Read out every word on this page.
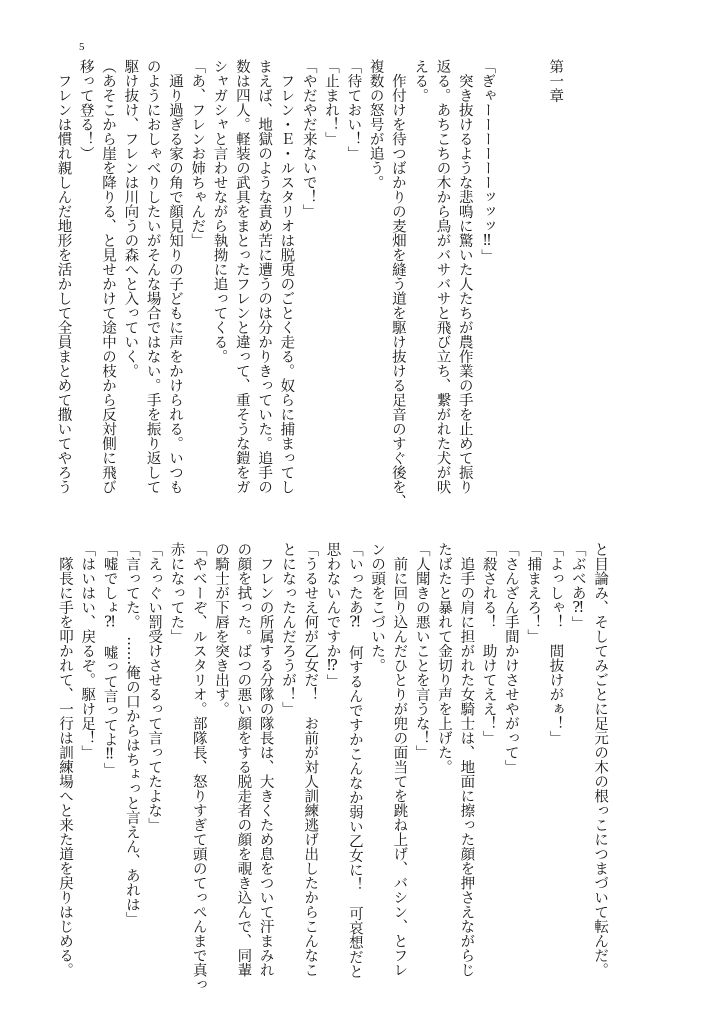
5
第一章
「ぎゃーーーーーーッッッ‼」
　突き抜けるような悲鳴に驚いた人たちが農作業の手を止めて振り
返る。あちこちの木から鳥がバサバサと飛び立ち、繋がれた犬が吠
える。
　作付けを待つばかりの麦畑を縫う道を駆け抜ける足音のすぐ後を、
複数の怒号が追う。
「待ておい！」
「止まれ！」
「やだやだ来ないで！」
　フレン・Ｅ・ルスタリオは脱兎のごとく走る。奴らに捕まってし
まえば、地獄のような責め苦に遭うのは分かりきっていた。追手の
数は四人。軽装の武具をまとったフレンと違って、重そうな鎧をガ
シャガシャと言わせながら執拗に追ってくる。
「あ、フレンお姉ちゃんだ」
　通り過ぎる家の角で顔見知りの子どもに声をかけられる。いつも
のようにおしゃべりしたいがそんな場合ではない。手を振り返して
駆け抜け、フレンは川向うの森へと入っていく。
（あそこから崖を降りる、と見せかけて途中の枝から反対側に飛び
移って登る！）
　フレンは慣れ親しんだ地形を活かして全員まとめて撒いてやろう
と目論み、そしてみごとに足元の木の根っこにつまづいて転んだ。
「ぶべあ⁈」
「よっしゃ！　間抜けがぁ！」
「捕まえろ！」
「さんざん手間かけさせやがって」
「殺される！　助けてええ！」
　追手の肩に担がれた女騎士は、地面に擦った顔を押さえながらじ
たばたと暴れて金切り声を上げた。
「人聞きの悪いことを言うな！」
　前に回り込んだひとりが兜の面当てを跳ね上げ、バシン、とフレ
ンの頭をこづいた。
「いったあ⁈　何するんですかこんなか弱い乙女に！　可哀想だと
思わないんですか⁉」
「うるせえ何が乙女だ！　お前が対人訓練逃げ出したからこんなこ
とになったんだろうが！」
　フレンの所属する分隊の隊長は、大きくため息をついて汗まみれ
の顔を拭った。ばつの悪い顔をする脱走者の顔を覗き込んで、同輩
の騎士が下唇を突き出す。
「やべーぞ、ルスタリオ。部隊長、怒りすぎて頭のてっぺんまで真っ
赤になってた」
「えっぐい罰受けさせるって言ってたよな」
「言ってた。　……俺の口からはちょっと言えん、あれは」
「嘘でしょ⁈　嘘って言ってよ‼」
「はいはい、戻るぞ。駆け足！」
　隊長に手を叩かれて、一行は訓練場へと来た道を戻りはじめる。
